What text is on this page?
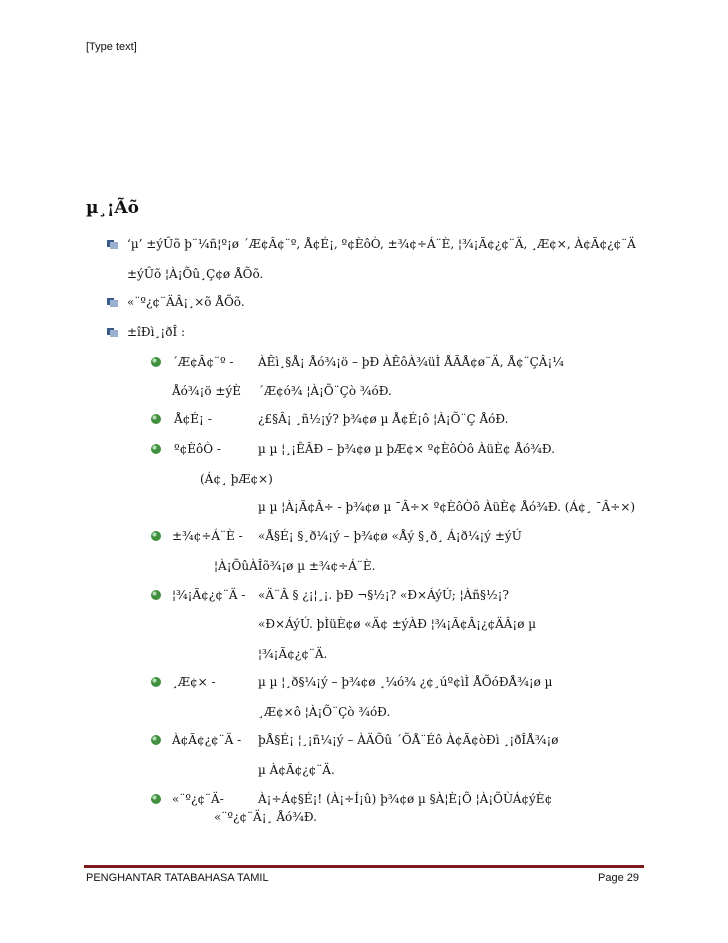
[Type text]
µ¸¡Ãõ
‘µ’ ±ýÛõ þ¨¼ñ¦º¡ø ´Æ¢Â¢¨º, Å¢É¡, º¢ÈôÒ, ±¾¢÷Á¨È, ¦¾¡Ã¢¿¢¨Ä, ¸Æ¢×, À¢Ã¢¿¢¨Ä
±ýÛõ ¦À¡Õû¸Ç¢ø ÅÕõ.
«¨º¿¢¨ÄÂ¡¸×õ ÅÕõ.
±îÐì¸¡ðÎ :
´Æ¢Â¢¨º - ÀÊì¸§Å¡ Åó¾¡ö – þÐ ÀÊôÀ¾üÌ ÅÃÅ¢ø¨Ä, Å¢¨ÇÂ¡¼
Åó¾¡ö ±ýÈ ´Æ¢ó¾ ¦À¡Õ¨Çò ¾óÐ.
Å¢É¡ -	¿£§Â¡ ¸ñ½¡ý? þ¾¢ø µ Å¢É¡ô ¦À¡Õ¨Ç ÅóÐ.
º¢ÈôÒ -	µ µ ¦¸¡ÊÂÐ – þ¾¢ø µ þÆ¢× º¢ÈôÒô ÀüÈ¢ Åó¾Ð.
(Á¢¸ þÆ¢×)
µ µ ¦À¡Ã¢Â÷ - þ¾¢ø µ ¯Â÷× º¢ÈôÒô ÀüÈ¢ Åó¾Ð. (Á¢¸ ¯Â÷×)
±¾¢÷Á¨È - «Å§É¡ §¸ð¼¡ý – þ¾¢ø «Åý §¸ð¸ Á¡ð¼¡ý ±ýÚ
¦À¡ÕûÀÎõ¾¡ø µ ±¾¢÷Á¨È.
¦¾¡Ã¢¿¢¨Ä - «Ä¨Â § ¿¡¦¸¡. þÐ ¬§½¡? «Ð×ÁýÚ; ¦Àñ§½¡?
«Ð×ÁýÚ. þÌüÈ¢ø «Ä¢ ±ýÀÐ ¦¾¡Ã¢Â¡¿¢ÄÂ¡ø µ
¦¾¡Ã¢¿¢¨Ä.
¸Æ¢× -	µ µ ¦¸ð§¼¡ý – þ¾¢ø ¸¼ó¾ ¿¢¸úº¢ìÌ ÅÕóÐÅ¾¡ø µ
¸Æ¢×ô ¦À¡Õ¨Çò ¾óÐ.
À¢Ã¢¿¢¨Ä - þÅ§É¡ ¦¸¡ñ¼¡ý – ÀÄÕû ´ÕÅ¨Éô À¢Ã¢òÐì ¸¡ðÎÅ¾¡ø
µ À¢Ã¢¿¢¨Ä.
«¨º¿¢¨Ä-	À¡÷Á¢§É¡! (À¡÷Í¡û) þ¾¢ø µ §À¦È¡Õ ¦À¡ÕÙÁ¢ýÈ¢
«¨º¿¢¨Ä¡¸ Åó¾Ð.
PENGHANTAR TATABAHASA TAMIL	Page 29
